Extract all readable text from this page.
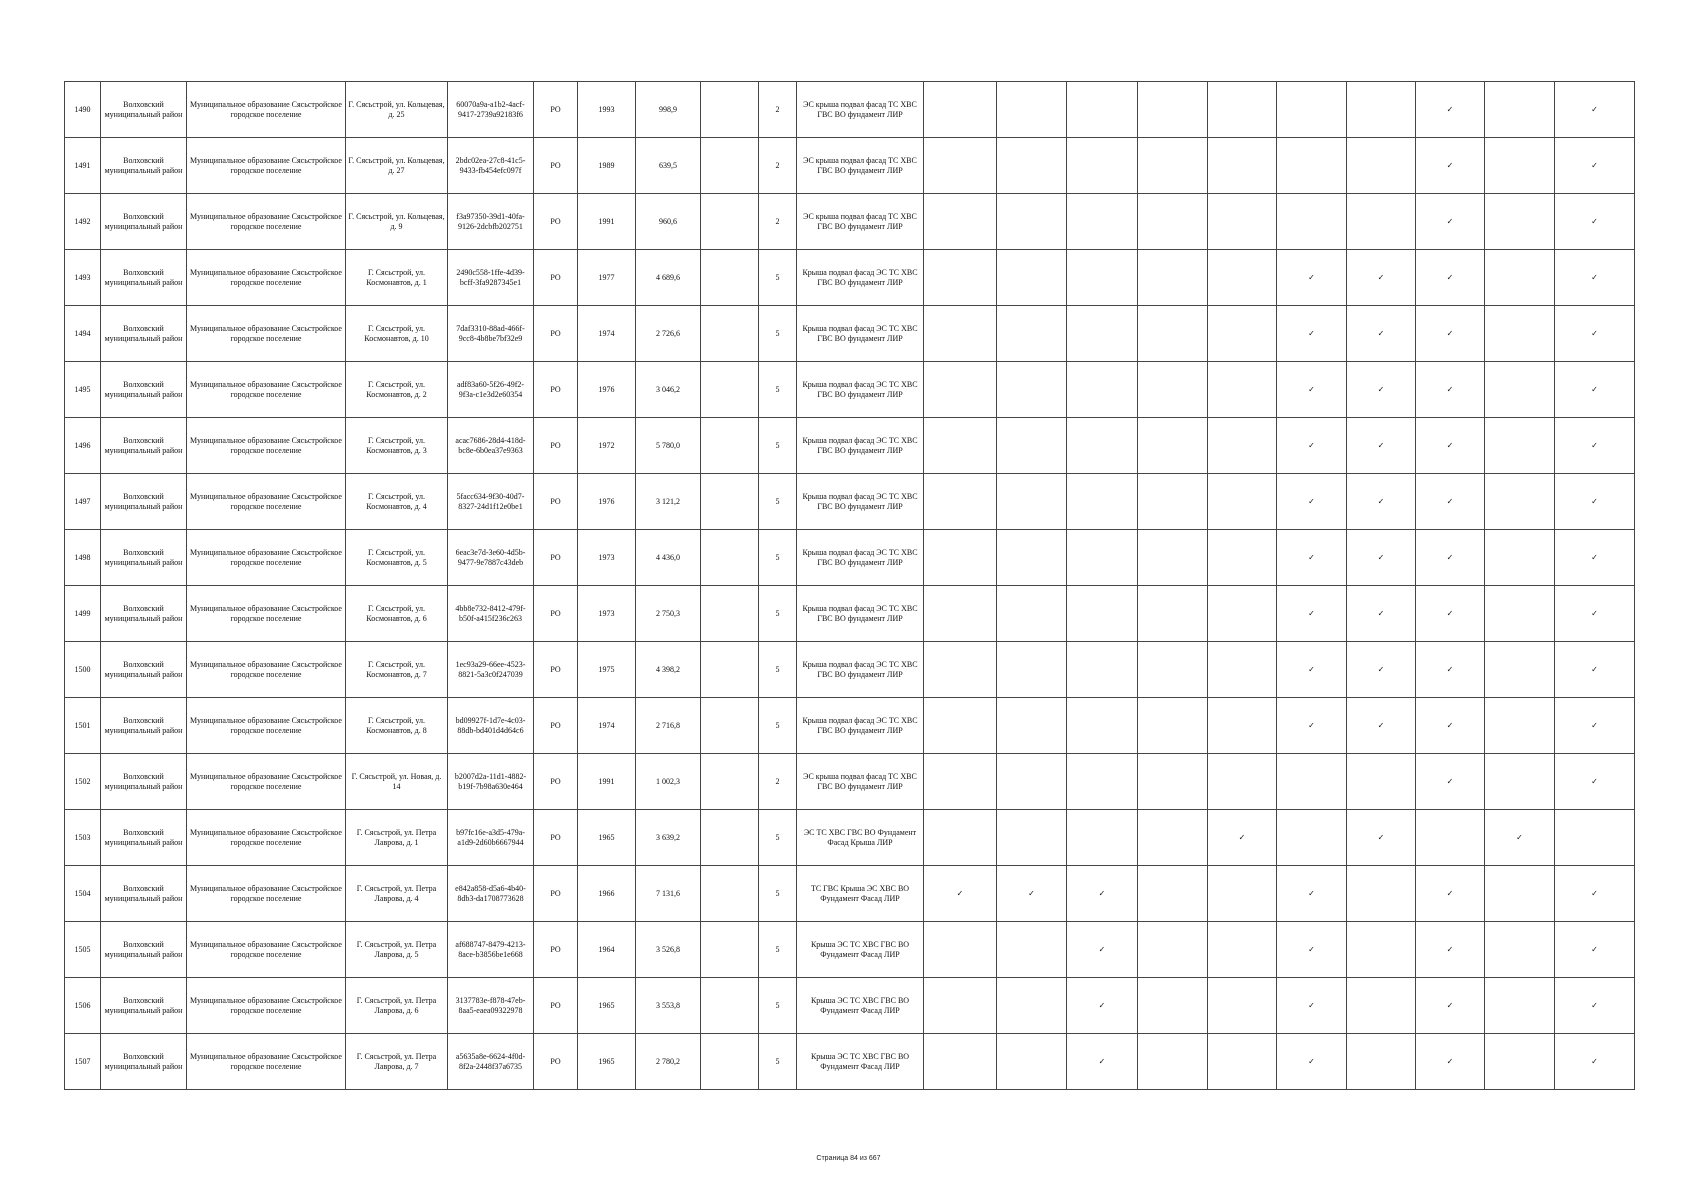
1490	Волховский муниципальный район	Муниципальное образование Сясьстройское городское поселение	Г. Сясьстрой, ул. Кольцевая, д. 25	60070a9a-a1b2-4acf-9417-2739a92183f6	РО	1993	998,9		2	ЭС крыша подвал фасад ТС ХВС ГВС ВО фундамент ЛИР								✓		✓
1491	Волховский муниципальный район	Муниципальное образование Сясьстройское городское поселение	Г. Сясьстрой, ул. Кольцевая, д. 27	2bdc02ea-27c8-41c5-9433-fb454efc097f	РО	1989	639,5		2	ЭС крыша подвал фасад ТС ХВС ГВС ВО фундамент ЛИР								✓		✓
1492	Волховский муниципальный район	Муниципальное образование Сясьстройское городское поселение	Г. Сясьстрой, ул. Кольцевая, д. 9	f3a97350-39d1-40fa-9126-2dcbfb202751	РО	1991	960,6		2	ЭС крыша подвал фасад ТС ХВС ГВС ВО фундамент ЛИР								✓		✓
1493	Волховский муниципальный район	Муниципальное образование Сясьстройское городское поселение	Г. Сясьстрой, ул. Космонавтов, д. 1	2490c558-1ffe-4d39-bcff-3fa9287345e1	РО	1977	4 689,6		5	Крыша подвал фасад ЭС ТС ХВС ГВС ВО фундамент ЛИР						✓	✓	✓		✓
1494	Волховский муниципальный район	Муниципальное образование Сясьстройское городское поселение	Г. Сясьстрой, ул. Космонавтов, д. 10	7daf3310-88ad-466f-9cc8-4b8be7bf32e9	РО	1974	2 726,6		5	Крыша подвал фасад ЭС ТС ХВС ГВС ВО фундамент ЛИР						✓	✓	✓		✓
1495	Волховский муниципальный район	Муниципальное образование Сясьстройское городское поселение	Г. Сясьстрой, ул. Космонавтов, д. 2	adf83a60-5f26-49f2-9f3a-c1e3d2e60354	РО	1976	3 046,2		5	Крыша подвал фасад ЭС ТС ХВС ГВС ВО фундамент ЛИР						✓	✓	✓		✓
1496	Волховский муниципальный район	Муниципальное образование Сясьстройское городское поселение	Г. Сясьстрой, ул. Космонавтов, д. 3	acac7686-28d4-418d-bc8e-6b0ea37e9363	РО	1972	5 780,0		5	Крыша подвал фасад ЭС ТС ХВС ГВС ВО фундамент ЛИР						✓	✓	✓		✓
1497	Волховский муниципальный район	Муниципальное образование Сясьстройское городское поселение	Г. Сясьстрой, ул. Космонавтов, д. 4	5facc634-9f30-40d7-8327-24d1f12e0be1	РО	1976	3 121,2		5	Крыша подвал фасад ЭС ТС ХВС ГВС ВО фундамент ЛИР						✓	✓	✓		✓
1498	Волховский муниципальный район	Муниципальное образование Сясьстройское городское поселение	Г. Сясьстрой, ул. Космонавтов, д. 5	6eac3e7d-3e60-4d5b-9477-9e7887c43deb	РО	1973	4 436,0		5	Крыша подвал фасад ЭС ТС ХВС ГВС ВО фундамент ЛИР						✓	✓	✓		✓
1499	Волховский муниципальный район	Муниципальное образование Сясьстройское городское поселение	Г. Сясьстрой, ул. Космонавтов, д. 6	4bb8e732-8412-479f-b50f-a415f236c263	РО	1973	2 750,3		5	Крыша подвал фасад ЭС ТС ХВС ГВС ВО фундамент ЛИР						✓	✓	✓		✓
1500	Волховский муниципальный район	Муниципальное образование Сясьстройское городское поселение	Г. Сясьстрой, ул. Космонавтов, д. 7	1ec93a29-66ee-4523-8821-5a3c0f247039	РО	1975	4 398,2		5	Крыша подвал фасад ЭС ТС ХВС ГВС ВО фундамент ЛИР						✓	✓	✓		✓
1501	Волховский муниципальный район	Муниципальное образование Сясьстройское городское поселение	Г. Сясьстрой, ул. Космонавтов, д. 8	bd09927f-1d7e-4c03-88db-bd401d4d64c6	РО	1974	2 716,8		5	Крыша подвал фасад ЭС ТС ХВС ГВС ВО фундамент ЛИР						✓	✓	✓		✓
1502	Волховский муниципальный район	Муниципальное образование Сясьстройское городское поселение	Г. Сясьстрой, ул. Новая, д. 14	b2007d2a-11d1-4882-b19f-7b98a630e464	РО	1991	1 002,3		2	ЭС крыша подвал фасад ТС ХВС ГВС ВО фундамент ЛИР								✓		✓
1503	Волховский муниципальный район	Муниципальное образование Сясьстройское городское поселение	Г. Сясьстрой, ул. Петра Лаврова, д. 1	b97fc16e-a3d5-479a-a1d9-2d60b6667944	РО	1965	3 639,2		5	ЭС ТС ХВС ГВС ВО Фундамент Фасад Крыша ЛИР					✓		✓		✓	
1504	Волховский муниципальный район	Муниципальное образование Сясьстройское городское поселение	Г. Сясьстрой, ул. Петра Лаврова, д. 4	e842a858-d5a6-4b40-8db3-da1708773628	РО	1966	7 131,6		5	ТС ГВС Крыша ЭС ХВС ВО Фундамент Фасад ЛИР	✓	✓	✓			✓		✓		✓
1505	Волховский муниципальный район	Муниципальное образование Сясьстройское городское поселение	Г. Сясьстрой, ул. Петра Лаврова, д. 5	af688747-8479-4213-8ace-b3856be1e668	РО	1964	3 526,8		5	Крыша ЭС ТС ХВС ГВС ВО Фундамент Фасад ЛИР			✓			✓		✓		✓
1506	Волховский муниципальный район	Муниципальное образование Сясьстройское городское поселение	Г. Сясьстрой, ул. Петра Лаврова, д. 6	3137783e-f878-47eb-8aa5-eaea09322978	РО	1965	3 553,8		5	Крыша ЭС ТС ХВС ГВС ВО Фундамент Фасад ЛИР			✓			✓		✓		✓
1507	Волховский муниципальный район	Муниципальное образование Сясьстройское городское поселение	Г. Сясьстрой, ул. Петра Лаврова, д. 7	a5635a8e-6624-4f0d-8f2a-2448f37a6735	РО	1965	2 780,2		5	Крыша ЭС ТС ХВС ГВС ВО Фундамент Фасад ЛИР			✓			✓		✓		✓
Страница 84 из 667
